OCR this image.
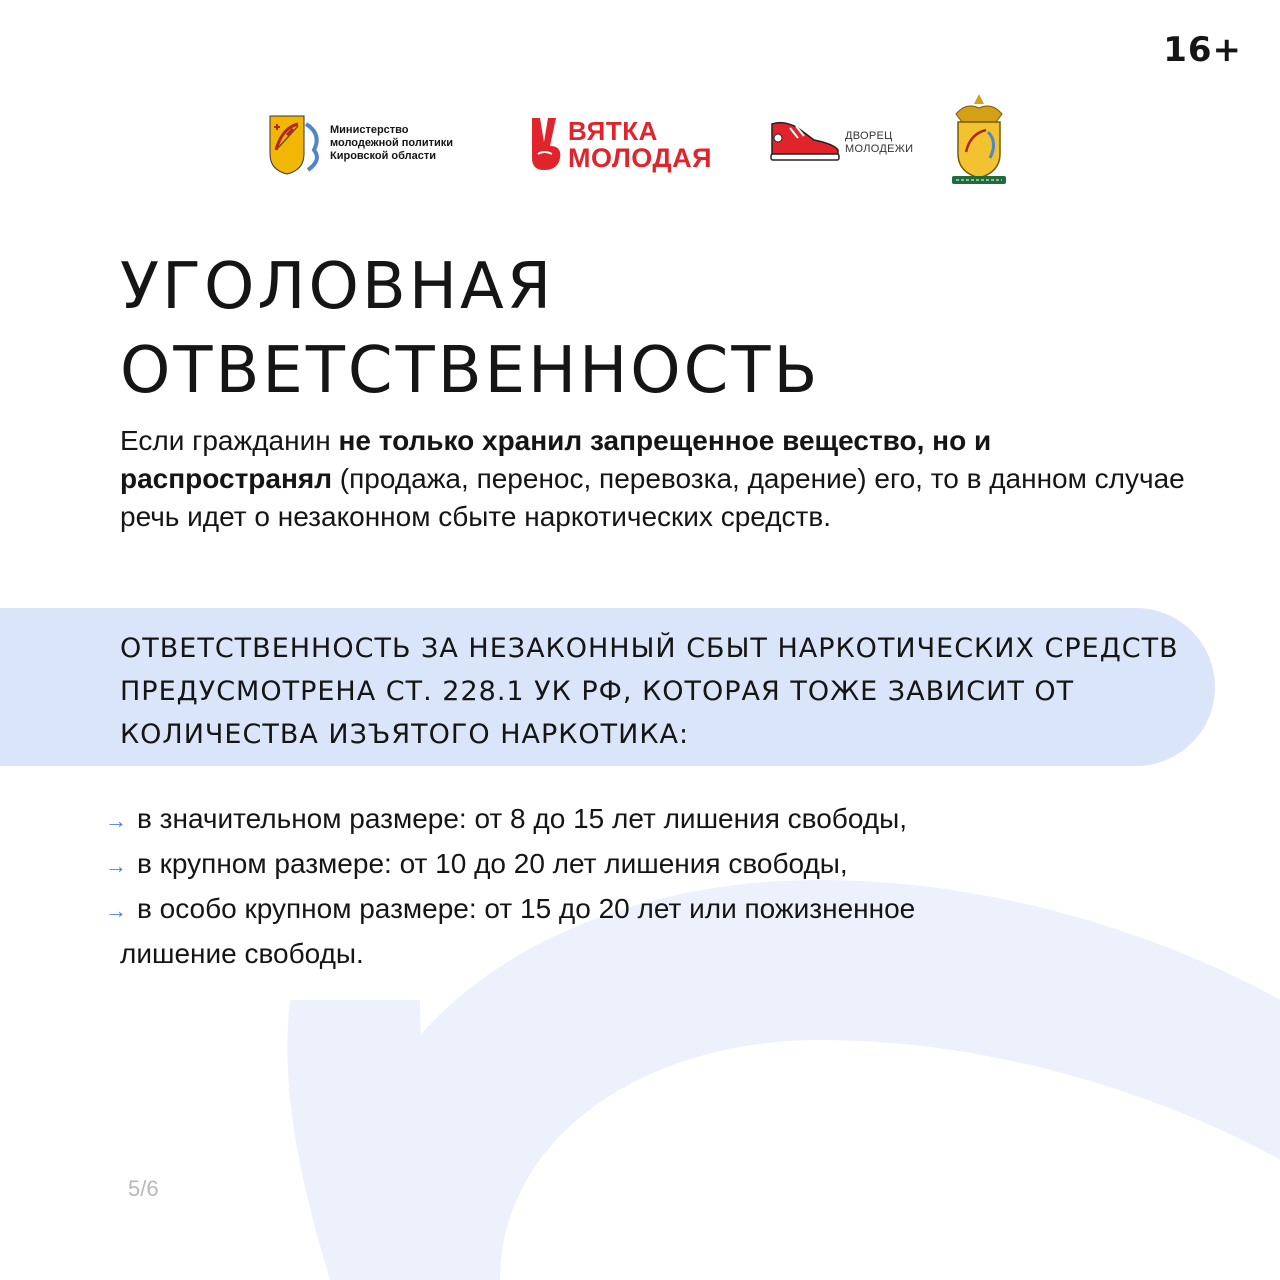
16+
Министерство
молодежной политики
Кировской области
ВЯТКА
МОЛОДАЯ
ДВОРЕЦ
МОЛОДЕЖИ
УГОЛОВНАЯ
ОТВЕТСТВЕННОСТЬ

Если гражданин не только хранил запрещенное вещество, но и распространял (продажа, перенос, перевозка, дарение) его, то в данном случае речь идет о незаконном сбыте наркотических средств.

ОТВЕТСТВЕННОСТЬ ЗА НЕЗАКОННЫЙ СБЫТ НАРКОТИЧЕСКИХ СРЕДСТВ ПРЕДУСМОТРЕНА СТ. 228.1 УК РФ, КОТОРАЯ ТОЖЕ ЗАВИСИТ ОТ КОЛИЧЕСТВА ИЗЪЯТОГО НАРКОТИКА:

→ в значительном размере: от 8 до 15 лет лишения свободы,
→ в крупном размере: от 10 до 20 лет лишения свободы,
→ в особо крупном размере: от 15 до 20 лет или пожизненное
лишение свободы.
5/6
